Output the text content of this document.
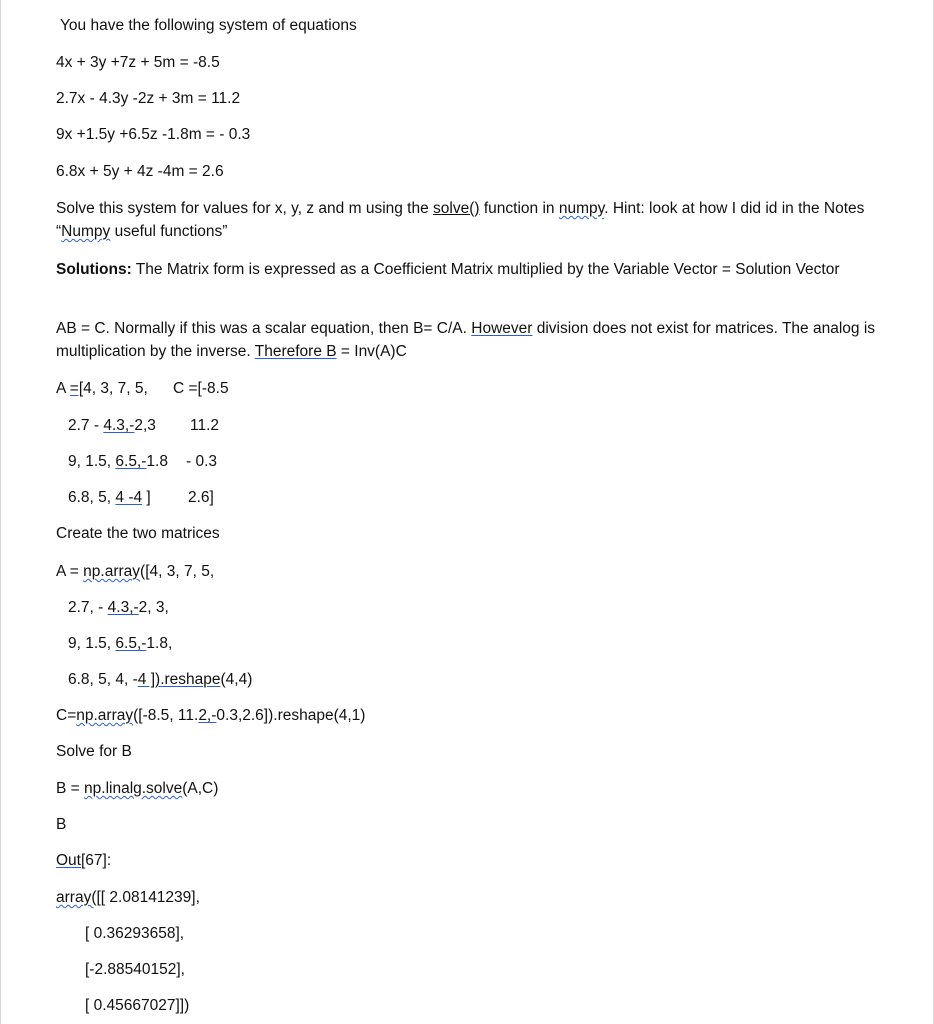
You have the following system of equations
4x + 3y +7z + 5m = -8.5
2.7x - 4.3y -2z + 3m = 11.2
9x +1.5y +6.5z -1.8m = - 0.3
6.8x + 5y + 4z -4m = 2.6
Solve this system for values for x, y, z and m using the solve() function in numpy. Hint: look at how I did id in the Notes “Numpy useful functions”
Solutions: The Matrix form is expressed as a Coefficient Matrix multiplied by the Variable Vector = Solution Vector
AB = C. Normally if this was a scalar equation, then B= C/A. However division does not exist for matrices. The analog is multiplication by the inverse. Therefore B = Inv(A)C
A =[4, 3, 7, 5, C =[-8.5
2.7 - 4.3,-2,3 11.2
9, 1.5, 6.5,-1.8 - 0.3
6.8, 5, 4 -4 ] 2.6]
Create the two matrices
A = np.array([4, 3, 7, 5,
2.7, - 4.3,-2, 3,
9, 1.5, 6.5,-1.8,
6.8, 5, 4, -4 ]).reshape(4,4)
C=np.array([-8.5, 11.2,-0.3,2.6]).reshape(4,1)
Solve for B
B = np.linalg.solve(A,C)
B
Out[67]:
array([[ 2.08141239],
[ 0.36293658],
[-2.88540152],
[ 0.45667027]])
